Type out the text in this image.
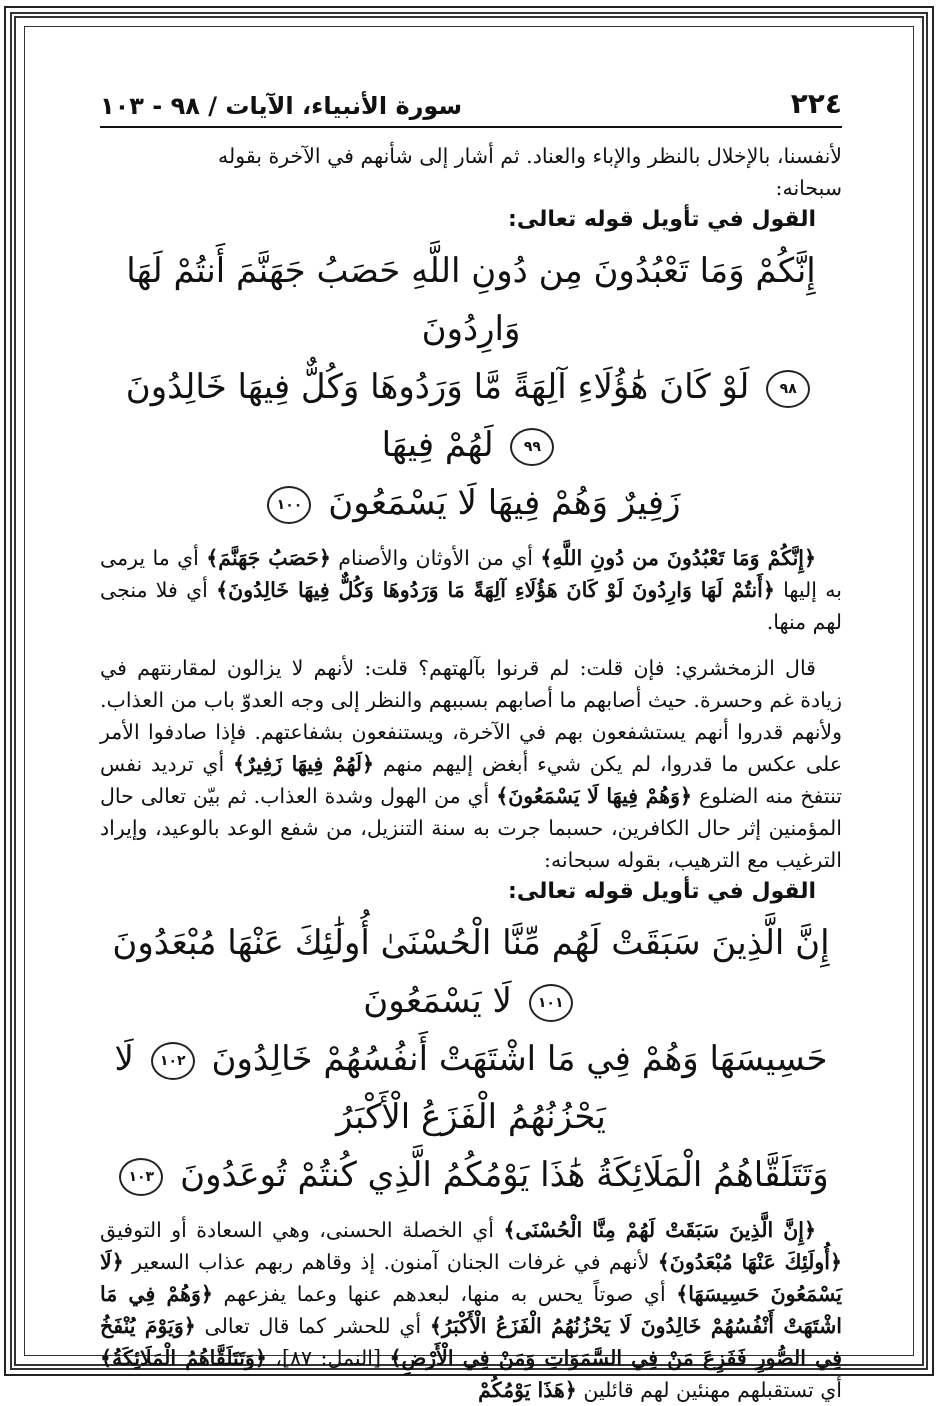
٢٢٤
سورة الأنبياء، الآيات / ٩٨ - ١٠٣

لأنفسنا، بالإخلال بالنظر والإباء والعناد. ثم أشار إلى شأنهم في الآخرة بقوله
سبحانه:

القول في تأويل قوله تعالى:

إِنَّكُمْ وَمَا تَعْبُدُونَ مِن دُونِ اللَّهِ حَصَبُ جَهَنَّمَ أَنتُمْ لَهَا وَارِدُونَ
٩٨ لَوْ كَانَ هَٰؤُلَاءِ آلِهَةً مَّا وَرَدُوهَا وَكُلٌّ فِيهَا خَالِدُونَ ٩٩ لَهُمْ فِيهَا
زَفِيرٌ وَهُمْ فِيهَا لَا يَسْمَعُونَ ١٠٠

﴿إِنَّكُمْ وَمَا تَعْبُدُونَ من دُونِ اللَّهِ﴾ أي من الأوثان والأصنام ﴿حَصَبُ جَهَنَّمَ﴾ أي ما يرمى به إليها ﴿أَنتُمْ لَهَا وَارِدُونَ لَوْ كَانَ هَؤُلَاءِ آلِهَةً مَا وَرَدُوهَا وَكُلٌّ فِيهَا خَالِدُونَ﴾ أي فلا منجى لهم منها.

قال الزمخشري: فإن قلت: لم قرنوا بآلهتهم؟ قلت: لأنهم لا يزالون لمقارنتهم في زيادة غم وحسرة. حيث أصابهم ما أصابهم بسببهم والنظر إلى وجه العدوّ باب من العذاب. ولأنهم قدروا أنهم يستشفعون بهم في الآخرة، ويستنفعون بشفاعتهم. فإذا صادفوا الأمر على عكس ما قدروا، لم يكن شيء أبغض إليهم منهم ﴿لَهُمْ فِيهَا زَفِيرٌ﴾ أي ترديد نفس تنتفخ منه الضلوع ﴿وَهُمْ فِيهَا لَا يَسْمَعُونَ﴾ أي من الهول وشدة العذاب. ثم بيّن تعالى حال المؤمنين إثر حال الكافرين، حسبما جرت به سنة التنزيل، من شفع الوعد بالوعيد، وإيراد الترغيب مع الترهيب، بقوله سبحانه:

القول في تأويل قوله تعالى:

إِنَّ الَّذِينَ سَبَقَتْ لَهُم مِّنَّا الْحُسْنَىٰ أُولَٰئِكَ عَنْهَا مُبْعَدُونَ ١٠١ لَا يَسْمَعُونَ
حَسِيسَهَا وَهُمْ فِي مَا اشْتَهَتْ أَنفُسُهُمْ خَالِدُونَ ١٠٢ لَا يَحْزُنُهُمُ الْفَزَعُ الْأَكْبَرُ
وَتَتَلَقَّاهُمُ الْمَلَائِكَةُ هَٰذَا يَوْمُكُمُ الَّذِي كُنتُمْ تُوعَدُونَ ١٠٣

﴿إِنَّ الَّذِينَ سَبَقَتْ لَهُمْ مِنَّا الْحُسْنَى﴾ أي الخصلة الحسنى، وهي السعادة أو التوفيق ﴿أُولَئِكَ عَنْهَا مُبْعَدُونَ﴾ لأنهم في غرفات الجنان آمنون. إذ وقاهم ربهم عذاب السعير ﴿لَا يَسْمَعُونَ حَسِيسَهَا﴾ أي صوتاً يحس به منها، لبعدهم عنها وعما يفزعهم ﴿وَهُمْ فِي مَا اشْتَهَتْ أَنْفُسُهُمْ خَالِدُونَ لَا يَحْزُنُهُمُ الْفَزَعُ الْأَكْبَرُ﴾ أي للحشر كما قال تعالى ﴿وَيَوْمَ يُنْفَخُ فِي الصُّورِ فَفَزِعَ مَنْ فِي السَّمَوَاتِ وَمَنْ فِي الْأَرْضِ﴾ [النمل: ٨٧]، ﴿وَتَتَلَقَّاهُمُ الْمَلَائِكَةُ﴾ أي تستقبلهم مهنئين لهم قائلين ﴿هَذَا يَوْمُكُمْ
